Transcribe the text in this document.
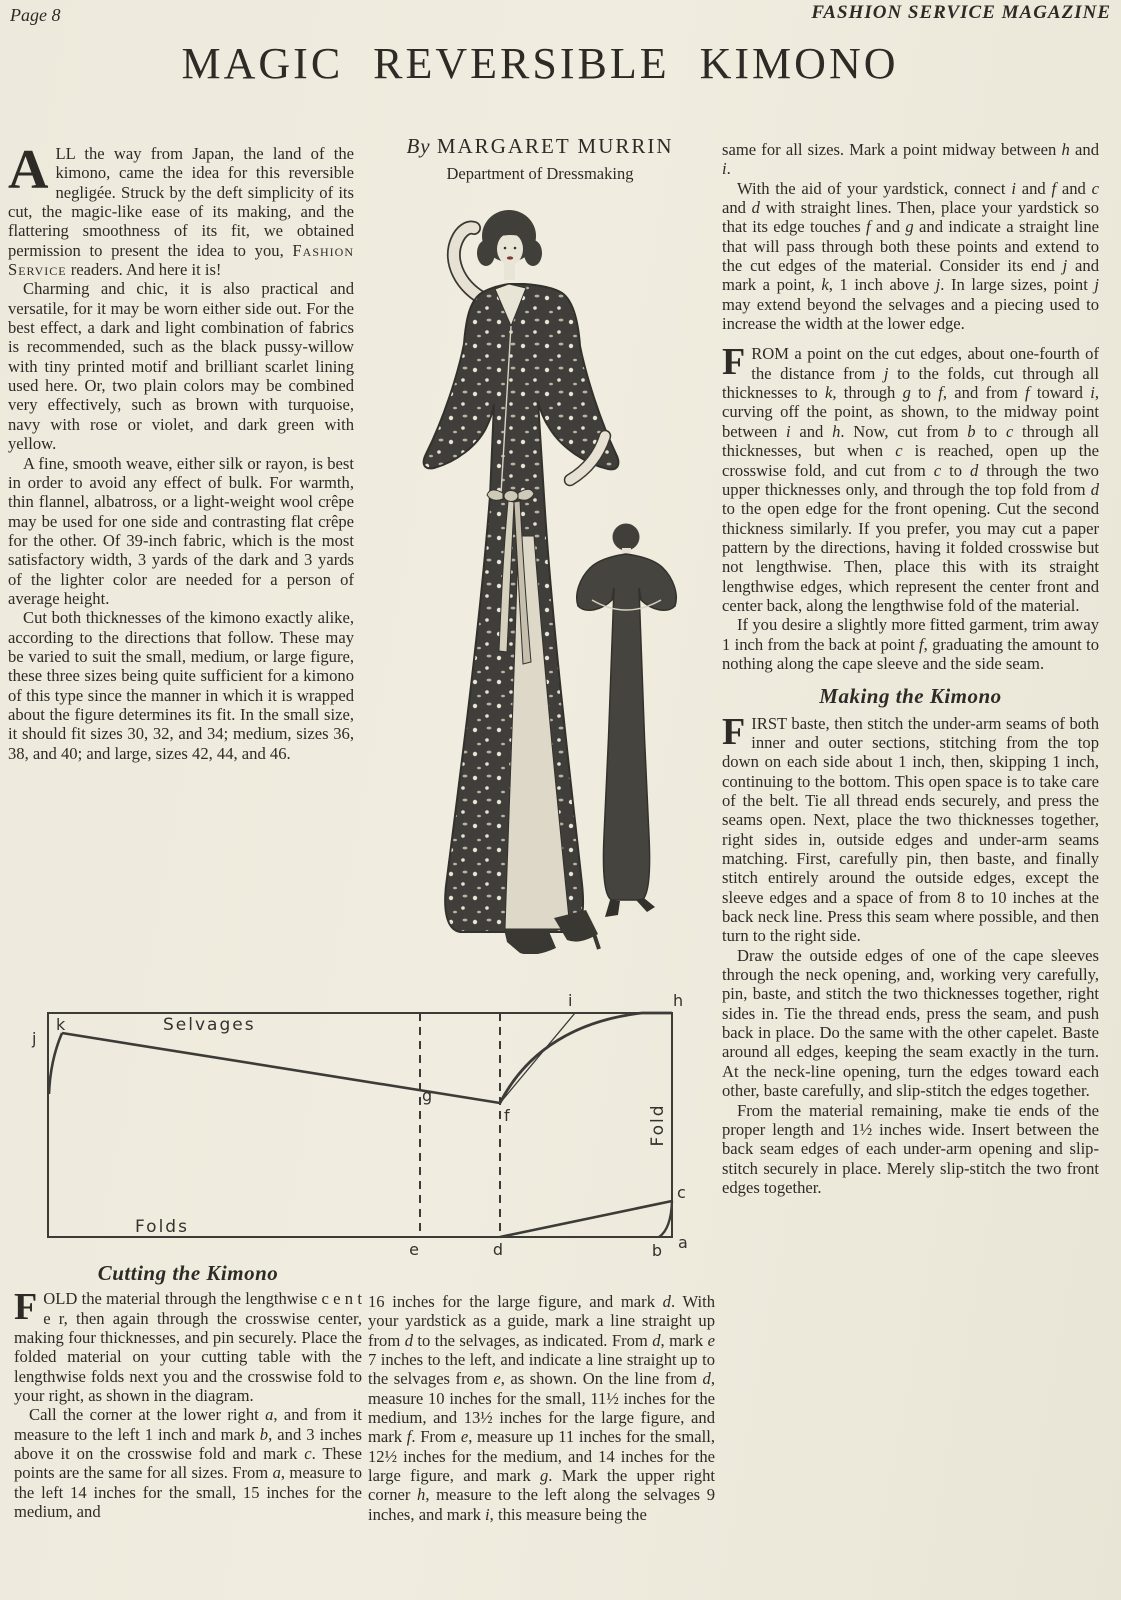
Page 8	FASHION SERVICE MAGAZINE
MAGIC REVERSIBLE KIMONO

ALL the way from Japan, the land of the kimono, came the idea for this reversible negligée. Struck by the deft simplicity of its cut, the magic-like ease of its making, and the flattering smoothness of its fit, we obtained permission to present the idea to you, Fashion Service readers. And here it is!

Charming and chic, it is also practical and versatile, for it may be worn either side out. For the best effect, a dark and light combination of fabrics is recommended, such as the black pussy-willow with tiny printed motif and brilliant scarlet lining used here. Or, two plain colors may be combined very effectively, such as brown with turquoise, navy with rose or violet, and dark green with yellow.

A fine, smooth weave, either silk or rayon, is best in order to avoid any effect of bulk. For warmth, thin flannel, albatross, or a light-weight wool crêpe may be used for one side and contrasting flat crêpe for the other. Of 39-inch fabric, which is the most satisfactory width, 3 yards of the dark and 3 yards of the lighter color are needed for a person of average height.

Cut both thicknesses of the kimono exactly alike, according to the directions that follow. These may be varied to suit the small, medium, or large figure, these three sizes being quite sufficient for a kimono of this type since the manner in which it is wrapped about the figure determines its fit. In the small size, it should fit sizes 30, 32, and 34; medium, sizes 36, 38, and 40; and large, sizes 42, 44, and 46.

By MARGARET MURRIN
Department of Dressmaking

same for all sizes. Mark a point midway between h and i.

With the aid of your yardstick, connect i and f and c and d with straight lines. Then, place your yardstick so that its edge touches f and g and indicate a straight line that will pass through both these points and extend to the cut edges of the material. Consider its end j and mark a point, k, 1 inch above j. In large sizes, point j may extend beyond the selvages and a piecing used to increase the width at the lower edge.

FROM a point on the cut edges, about one-fourth of the distance from j to the folds, cut through all thicknesses to k, through g to f, and from f toward i, curving off the point, as shown, to the midway point between i and h. Now, cut from b to c through all thicknesses, but when c is reached, open up the crosswise fold, and cut from c to d through the two upper thicknesses only, and through the top fold from d to the open edge for the front opening. Cut the second thickness similarly. If you prefer, you may cut a paper pattern by the directions, having it folded crosswise but not lengthwise. Then, place this with its straight lengthwise edges, which represent the center front and center back, along the lengthwise fold of the material.

If you desire a slightly more fitted garment, trim away 1 inch from the back at point f, graduating the amount to nothing along the cape sleeve and the side seam.

Making the Kimono

FIRST baste, then stitch the under-arm seams of both inner and outer sections, stitching from the top down on each side about 1 inch, then, skipping 1 inch, continuing to the bottom. This open space is to take care of the belt. Tie all thread ends securely, and press the seams open. Next, place the two thicknesses together, right sides in, outside edges and under-arm seams matching. First, carefully pin, then baste, and finally stitch entirely around the outside edges, except the sleeve edges and a space of from 8 to 10 inches at the back neck line. Press this seam where possible, and then turn to the right side.

Draw the outside edges of one of the cape sleeves through the neck opening, and, working very carefully, pin, baste, and stitch the two thicknesses together, right sides in. Tie the thread ends, press the seam, and push back in place. Do the same with the other capelet. Baste around all edges, keeping the seam exactly in the turn. At the neck-line opening, turn the edges toward each other, baste carefully, and slip-stitch the edges together.

From the material remaining, make tie ends of the proper length and 1½ inches wide. Insert between the back seam edges of each under-arm opening and slip-stitch securely in place. Merely slip-stitch the two front edges together.

Selvages
Folds
Fold
j
k
i	h
g
f
e	d	b a
c
Cutting the Kimono

FOLD the material through the lengthwise c e n t e r, then again through the crosswise center, making four thicknesses, and pin securely. Place the folded material on your cutting table with the lengthwise folds next you and the crosswise fold to your right, as shown in the diagram.

Call the corner at the lower right a, and from it measure to the left 1 inch and mark b, and 3 inches above it on the crosswise fold and mark c. These points are the same for all sizes. From a, measure to the left 14 inches for the small, 15 inches for the medium, and

16 inches for the large figure, and mark d. With your yardstick as a guide, mark a line straight up from d to the selvages, as indicated. From d, mark e 7 inches to the left, and indicate a line straight up to the selvages from e, as shown. On the line from d, measure 10 inches for the small, 11½ inches for the medium, and 13½ inches for the large figure, and mark f. From e, measure up 11 inches for the small, 12½ inches for the medium, and 14 inches for the large figure, and mark g. Mark the upper right corner h, measure to the left along the selvages 9 inches, and mark i, this measure being the
